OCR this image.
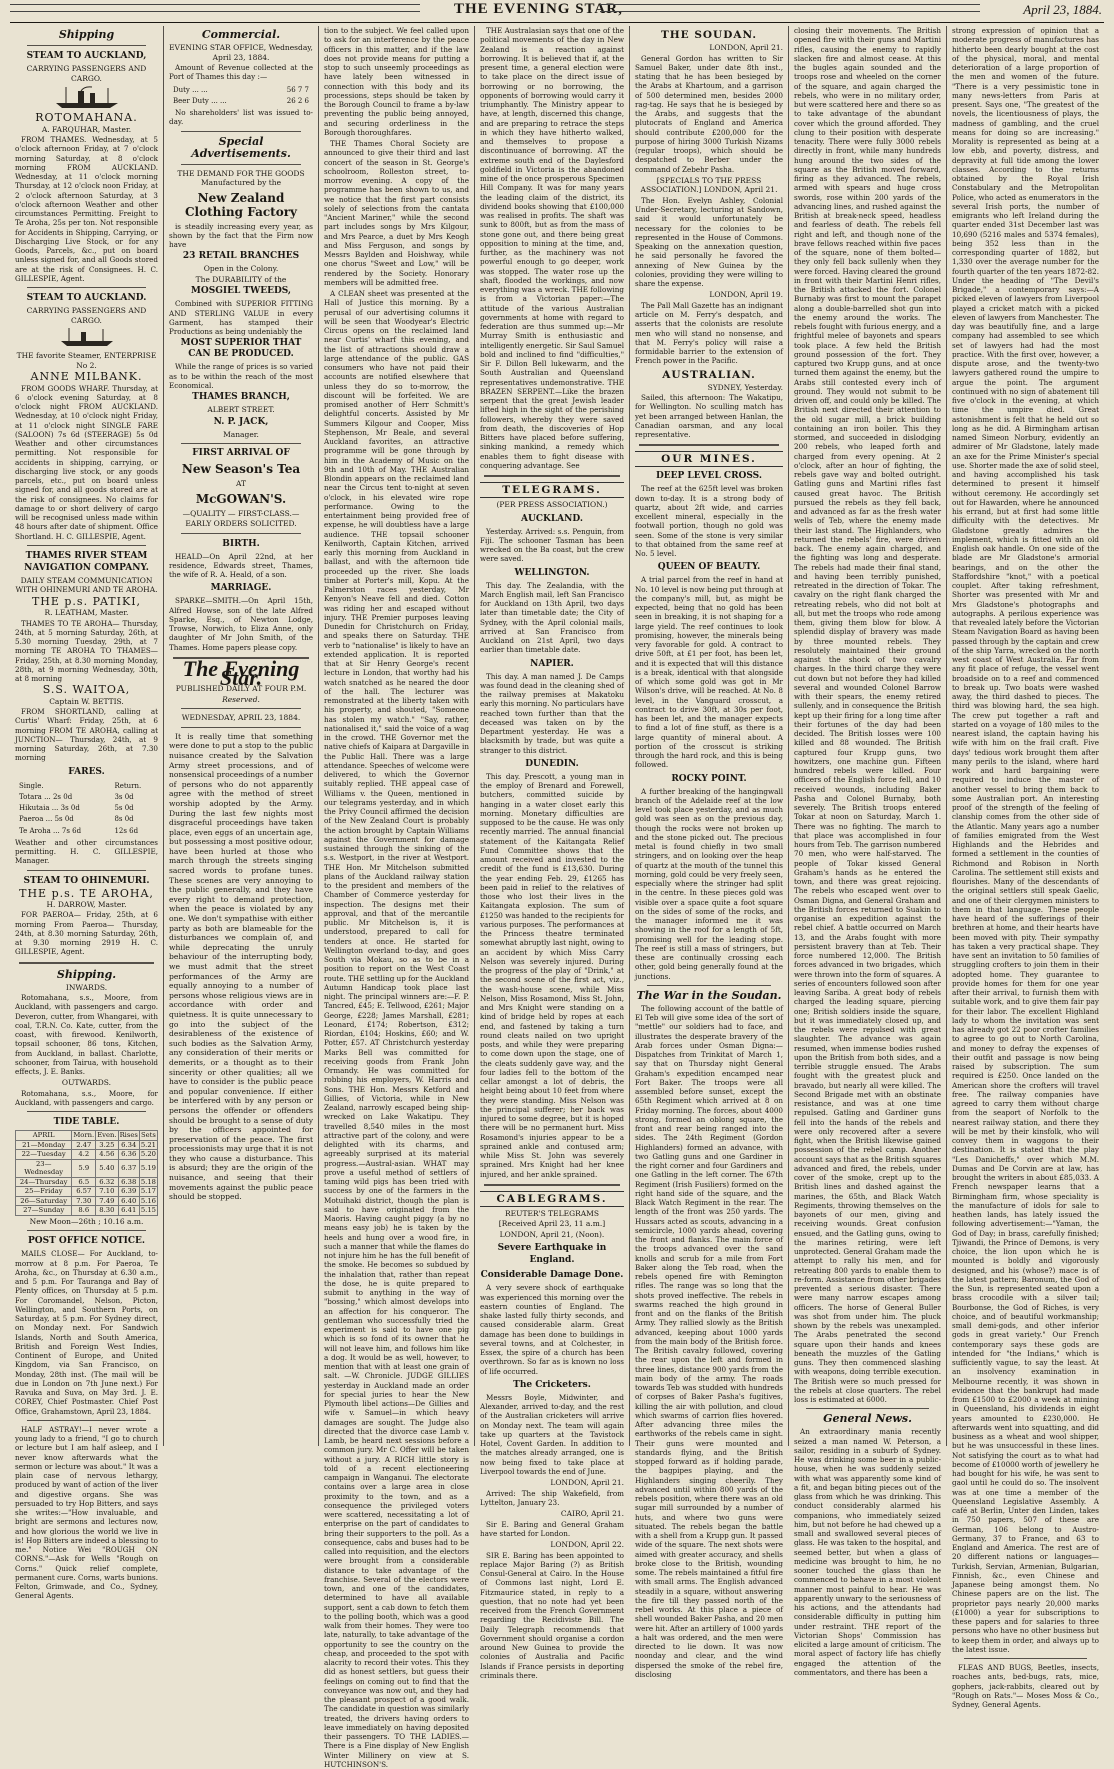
THE EVENING STAR,	April 23, 1884.
Shipping
STEAM TO AUCKLAND,
CARRYING PASSENGERS AND CARGO.
ROTOMAHANA.
A. FARQUHAR, Master.

FROM THAMES. Wednesday, at 5 o'clock afternoon Friday, at 7 o'clock morning Saturday, at 8 o'clock morning FROM AUCKLAND. Wednesday, at 11 o'clock morning Thursday, at 12 o'clock noon Friday, at 2 o'clock afternoon Saturday, at 3 o'clock afternoon Weather and other circumstances Permitting. Freight to Te Aroha, 25s per ton. Not responsible for Accidents in Shipping, Carrying, or Discharging Live Stock, or for any Goods, Parcels, &c., put on board unless signed for, and all Goods stored are at the risk of Consignees. H. C. GILLESPIE, Agent.

STEAM TO AUCKLAND.
CARRYING PASSENGERS AND CARGO.
THE favorite Steamer, ENTERPRISE No 2.
ANNE MILBANK.

FROM GOODS WHARF. Thursday, at 6 o'clock evening Saturday, at 8 o'clock night FROM AUCKLAND. Wednesday, at 10 o'clock night Friday, at 11 o'clock night SINGLE FARE (SALOON) 7s 6d (STEERAGE) 5s 0d Weather and other circumstances permitting. Not responsible for accidents in shipping, carrying, or discharging live stock, or any goods parcels, etc., put on board unless signed for, and all goods stored are at the risk of consignees. No claims for damage to or short delivery of cargo will be recognised unless made within 48 hours after date of shipment. Office Shortland. H. C. GILLESPIE, Agent.

THAMES RIVER STEAM NAVIGATION COMPANY.
DAILY STEAM COMMUNICATION WITH OHINEMURI AND TE AROHA.
THE p.s. PATIKI,
R. LEATHAM, Master.

THAMES TO TE AROHA— Thursday, 24th, at 5 morning Saturday, 26th, at 5.30 morning Tuesday, 29th, at 7 morning TE AROHA TO THAMES— Friday, 25th, at 8.30 morning Monday, 28th, at 9 morning Wednesday, 30th, at 8 morning

S.S. WAITOA,
Captain W. BETTIS.

FROM SHORTLAND, calling at Curtis' Wharf: Friday, 25th, at 6 morning FROM TE AROHA, calling at JUNCTION— Thursday, 24th, at 9 morning Saturday, 26th, at 7.30 morning

FARES.
Single.	Return.
Totara ... 2s 0d	3s 0d
Hikutaia ... 3s 0d	5s 0d
Paeroa ... 5s 0d	8s 0d
Te Aroha ... 7s 6d	12s 6d

Weather and other circumstances permitting. H. C. GILLESPIE, Manager.

STEAM TO OHINEMURI.
THE p.s. TE AROHA,
H. DARROW, Master.

FOR PAEROA— Friday, 25th, at 6 morning From Paeroa— Thursday, 24th, at 8.30 morning Saturday, 26th, at 9.30 morning 2919 H. C. GILLESPIE, Agent.

Shipping.
INWARDS.

Rotomahana, s.s., Moore, from Auckland, with passengers and cargo. Deveron, cutter, from Whangarei, with coal, T.R.N. Co. Kate, cutter, from the coast, with firewood. Kenilworth, topsail schooner, 86 tons, Kitchen, from Auckland, in ballast. Charlotte, schooner, from Tairua, with household effects, J. E. Banks.

OUTWARDS.

Rotomahana, s.s., Moore, for Auckland, with passengers and cargo.

TIDE TABLE.
APRIL	Morn.	Even.	Rises	Sets
21—Monday	2.47	3.25	6.34	5.21
22—Tuesday	4.2	4.56	6.36	5.20
23—Wednesday	5.9	5.40	6.37	5.19
24—Thursday	6.5	6.32	6.38	5.18
25—Friday	6.57	7.10	6.39	5.17
26—Saturday	7.30	7.49	6.40	5.16
27—Sunday	8.6	8.30	6.41	5.15
New Moon—26th ; 10.16 a.m.
POST OFFICE NOTICE.

MAILS CLOSE— For Auckland, to-morrow at 8 p.m. For Paeroa, Te Aroha, &c., on Thursday at 6.30 a.m., and 5 p.m. For Tauranga and Bay of Plenty offices, on Thursday at 5 p.m. For Coromandel, Nelson, Picton, Wellington, and Southern Ports, on Saturday, at 5 p.m. For Sydney direct, on Monday next. For Sandwich Islands, North and South America, British and Foreign West Indies, Continent of Europe, and United Kingdom, via San Francisco, on Monday, 28th inst. (The mail will be due in London on 7th June next.) For Ravuka and Suva, on May 3rd. J. E. COREY, Chief Postmaster. Chief Post Office, Grahamstown, April 23, 1884.

HALF ASTRAY!—I never wrote a young lady to a friend, "I go to church or lecture but I am half asleep, and I never know afterwards what the sermon or lecture was about." It was a plain case of nervous lethargy, produced by want of action of the liver and digestive organs. She was persuaded to try Hop Bitters, and says she writes:—"How invaluable, and bright are sermons and lectures now, and how glorious the world we live in is! Hop Bitters are indeed a blessing to me." Notice Wei "ROUGH ON CORNS."—Ask for Wells "Rough on Corns." Quick relief complete, permanent cure. Corns, warts bunions. Felton, Grimwade, and Co., Sydney, General Agents.

Commercial.
EVENING STAR OFFICE, Wednesday, April 23, 1884.

Amount of Revenue collected at the Port of Thames this day :—

Duty ... ...	56 7 7
Beer Duty ... ...	26 2 6

No shareholders' list was issued to-day.

Special Advertisements.
THE DEMAND FOR THE GOODS Manufactured by the
New Zealand Clothing Factory

is steadily increasing every year, as shown by the fact that the Firm now have

23 RETAIL BRANCHES
Open in the Colony.
The DURABILITY of the
MOSGIEL TWEEDS,

Combined with SUPERIOR FITTING AND STERLING VALUE in every Garment, has stamped their Productions as being undeniably the

MOST SUPERIOR THAT CAN BE PRODUCED.

While the range of prices is so varied as to be within the reach of the most Economical.

THAMES BRANCH,
ALBERT STREET.
N. P. JACK,
Manager.
FIRST ARRIVAL OF
New Season's Tea
AT
McGOWAN'S.
—QUALITY — FIRST-CLASS.—
EARLY ORDERS SOLICITED.
BIRTH.

HEALD—On April 22nd, at her residence, Edwards street, Thames, the wife of R. A. Heald, of a son.

MARRIAGE.

SPARKE—SMITH.—On April 15th, Alfred Howse, son of the late Alfred Sparke, Esq., of Newton Lodge, Trowse, Norwich, to Eliza Anne, only daughter of Mr John Smith, of the Thames. Home papers please copy.

The Evening Star.
PUBLISHED DAILY AT FOUR P.M.
Reserved.
WEDNESDAY, APRIL 23, 1884.

It is really time that something were done to put a stop to the public nuisance created by the Salvation Army street processions, and of nonsensical proceedings of a number of persons who do not apparently agree with the method of street worship adopted by the Army. During the last few nights most disgraceful proceedings have taken place, even eggs of an uncertain age, but possessing a most positive odour, have been hurled at those who march through the streets singing sacred words to profane tunes. These scenes are very annoying to the public generally, and they have every right to demand protection, when the peace is violated by any one. We don't sympathise with either party as both are blameable for the disturbances we complain of, and while deprecating the unruly behaviour of the interrupting body, we must admit that the street performances of the Army are equally annoying to a number of persons whose religious views are in accordance with order and quietness. It is quite unnecessary to go into the subject of the desirableness of the existence of such bodies as the Salvation Army, any consideration of their merits or demerits, or a thought as to their sincerity or other qualities; all we have to consider is the public peace and popular convenience. If either be interfered with by any person or persons the offender or offenders should be brought to a sense of duty by the officers appointed for preservation of the peace. The first processionists may urge that it is not they who cause a disturbance. This is absurd; they are the origin of the nuisance, and seeing that their movements against the public peace should be stopped.

tion to the subject. We feel called upon to ask for an interference by the peace officers in this matter, and if the law does not provide means for putting a stop to such unseemly proceedings as have lately been witnessed in connection with this body and its processions, steps should be taken by the Borough Council to frame a by-law preventing the public being annoyed, and securing orderliness in the Borough thoroughfares.

THE Thames Choral Society are announced to give their third and last concert of the season in St. George's schoolroom, Rolleston street, to-morrow evening. A copy of the programme has been shown to us, and we notice that the first part consists solely of selections from the cantata "Ancient Mariner," while the second part includes songs by Mrs Kilgour, and Mrs Pearce, a duet by Mrs Keogh and Miss Ferguson, and songs by Messrs Baylden and Hoishway, while one chorus "Sweet and Low," will be rendered by the Society. Honorary members will be admitted free.

A CLEAN sheet was presented at the Hall of Justice this morning. By a perusal of our advertising columns it will be seen that Woodyear's Electric Circus opens on the reclaimed land near Curtis' wharf this evening, and the list of attractions should draw a large attendance of the public. GAS consumers who have not paid their accounts are notified elsewhere that unless they do so to-morrow, the discount will be forfeited. We are promised another of Herr Schmitt's delightful concerts. Assisted by Mr Summers Kilgour and Cooper, Miss Stephenson, Mr Beale, and several Auckland favorites, an attractive programme will be gone through by him in the Academy of Music on the 9th and 10th of May. THE Australian Blondin appears on the reclaimed land near the Circus tent to-night at seven o'clock, in his elevated wire rope performance. Owing to the entertainment being provided free of expense, he will doubtless have a large audience. THE topsail schooner Kenilworth, Captain Kitchen, arrived early this morning from Auckland in ballast, and with the afternoon tide proceeded up the river. She loads timber at Porter's mill, Kopu. At the Palmerston races yesterday, Mr Kenyon's Neave fell and died. Cotton was riding her and escaped without injury. THE Premier purposes leaving Dunedin for Christchurch on Friday, and speaks there on Saturday. THE verb to "nationalise" is likely to have an extended application. It is reported that at Sir Henry George's recent lecture in London, that worthy had his watch snatched as he neared the door of the hall. The lecturer was remonstrated at the liberty taken with his property, and shouted, "Someone has stolen my watch." "Say, rather, nationalised it," said the voice of a wag in the crowd. THE Governor met the native chiefs of Kaipara at Dargaville in the Public Hall. There was a large attendance. Speeches of welcome were delivered, to which the Governor suitably replied. THE appeal case of Williams v. the Queen, mentioned in our telegrams yesterday, and in which the Privy Council affirmed the decision of the New Zealand Court is probably the action brought by Captain Williams against the Government for damage sustained through the sinking of the s.s. Westport, in the river at Westport. THE Hon. Mr Mitchelson submitted plans of the Auckland railway station to the president and members of the Chamber of Commerce yesterday for inspection. The designs met their approval, and that of the mercantile public. Mr Mitchelson is, it is understood, prepared to call for tenders at once. He started for Wellington overland to-day, and goes South via Mokau, so as to be in a position to report on the West Coast route. THE settling up for the Auckland Autumn Handicap took place last night. The principal winners are:—F. P. Tancred, £45; E. Tellwood, £261; Major George, £228; James Marshall, £281; Leonard, £174; Robertson, £312; Riordan, £104; Hoskins, £60; and W. Potter, £57. AT Christchurch yesterday Marks Bell was committed for receiving goods from Frank John Ormandy. He was committed for robbing his employers, W. Harris and Sons. THE Hon. Messrs Ketford and Gillies, of Victoria, while in New Zealand, narrowly escaped being ship-wrecked on Lake Wakatipu. They travelled 8,540 miles in the most attractive part of the colony, and were delighted with its charms, and agreeably surprised at its material progress.—Austral-asian. WHAT may prove a useful method of settlers of taming wild pigs has been tried with success by one of the farmers in the Motuihaki district, though the plan is said to have originated from the Maoris. Having caught piggy (a by no means easy job) he is taken by the heels and hung over a wood fire, in such a manner that while the flames do not injure him he has the full benefit of the smoke. He becomes so subdued by the inhalation that, rather than repeat the dose, he is quite prepared to submit to anything in the way of "bossing," which almost develops into an affection for his conqueror. The gentleman who successfully tried the experiment is said to have one pig which is so fond of its owner that he will not leave him, and follows him like a dog. It would be as well, however, to mention that with at least one grain of salt. —W. Chronicle. JUDGE GILLIES yesterday in Auckland made an order for special juries to hear the New Plymouth libel actions—De Gillies and wife v. Samuel—in which heavy damages are sought. The Judge also directed that the divorce case Lamb v. Lamb, be heard next sessions before a common jury. Mr C. Offer will be taken without a jury. A RICH little story is told of a recent electioneering campaign in Wanganui. The electorate contains over a large area in close proximity to the town, and as a consequence the privileged voters were scattered, necessitating a lot of enterprise on the part of candidates to bring their supporters to the poll. As a consequence, cabs and buses had to be called into requisition, and the electors were brought from a considerable distance to take advantage of the franchise. Several of the electors were town, and one of the candidates, determined to have all available support, sent a cab down to fetch them to the polling booth, which was a good walk from their homes. They were too late, naturally, to take advantage of the opportunity to see the country on the cheap, and proceeded to the spot with alacrity to record their votes. This they did as honest settlers, but guess their feelings on coming out to find that the conveyance was now out, and they had the pleasant prospect of a good walk. The candidate in question was similarly treated, the drivers having orders to leave immediately on having deposited their passengers. TO THE LADIES.—There is a Fine display of New English Winter Millinery on view at S. HUTCHINSON'S.

THE Australasian says that one of the political movements of the day in New Zealand is a reaction against borrowing. It is believed that if, at the present time, a general election were to take place on the direct issue of borrowing or no borrowing, the opponents of borrowing would carry it triumphantly. The Ministry appear to have, at length, discerned this change, and are preparing to retrace the steps in which they have hitherto walked, and themselves to propose a discontinuance of borrowing. AT the extreme south end of the Daylesford goldfield in Victoria is the abandoned mine of the once prosperous Specimen Hill Company. It was for many years the leading claim of the district, its dividend books showing that £100,000 was realised in profits. The shaft was sunk to 800ft, but as from the mass of stone gone out, and there being great opposition to mining at the time, and, further, as the machinery was not powerful enough to go deeper, work was stopped. The water rose up the shaft, flooded the workings, and now everything was a wreck. THE following is from a Victorian paper:—The attitude of the various Australian governments at home with regard to federation are thus summed up:—Mr Murray Smith is enthusiastic and intelligently energetic. Sir Saul Samuel bold and inclined to find "difficulties," Sir F. Dillon Bell lukewarm, and the South Australian and Queensland representatives undemonstrative. THE BRAZEN SERPENT.—Like the brazen serpent that the great Jewish leader lifted high in the sight of the perishing followers, whereby they were saved from death, the discoveries of Hop Bitters have placed before suffering, sinking mankind, a remedy which enables them to fight disease with conquering advantage. See

TELEGRAMS.
(PER PRESS ASSOCIATION.)
AUCKLAND.

Yesterday. Arrived: s.s. Penguin, from Fiji. The schooner Tasman has been wrecked on the Ba coast, but the crew were saved.

WELLINGTON.

This day. The Zealandia, with the March English mail, left San Francisco for Auckland on 13th April, two days later than timetable date; the City of Sydney, with the April colonial mails, arrived at San Francisco from Auckland on 21st April, two days earlier than timetable date.

NAPIER.

This day. A man named J. De Camps was found dead in the cleaning shed of the railway premises at Makatoku early this morning. No particulars have reached town further than that the deceased was taken on by the Department yesterday. He was a blacksmith by trade, but was quite a stranger to this district.

DUNEDIN.

This day. Prescott, a young man in the employ of Brenard and Forewell, butchers, committed suicide by hanging in a water closet early this morning. Monetary difficulties are supposed to be the cause. He was only recently married. The annual financial statement of the Kaitangata Relief Fund Committee shows that the amount received and invested to the credit of the fund is £13,630. During the year ending Feb. 29, £1265 has been paid in relief to the relatives of those who lost their lives in the Kaitangata explosion. The sum of £1250 was handed to the recipients for various purposes. The performances at the Princess theatre terminated somewhat abruptly last night, owing to an accident by which Miss Carry Nelson was severely injured. During the progress of the play of "Drink," at the second scene of the first act, viz., the wash-house scene, while Miss Nelson, Miss Rosamond, Miss St. John, and Mrs Knight were standing on a kind of bridge held by ropes at each end, and fastened by taking a turn round cleats nailed on two upright posts, and while they were preparing to come down upon the stage, one of the cleats suddenly gave way, and the four ladies fell to the bottom of the cellar amongst a lot of debris, the height being about 10 feet from where they were standing. Miss Nelson was the principal sufferer; her back was injured to some degree, but it is hoped there will be no permanent hurt. Miss Rosamond's injuries appear to be a sprained ankle and contused arm; while Miss St. John was severely sprained. Mrs Knight had her knee injured, and her ankle sprained.

CABLEGRAMS.
REUTER'S TELEGRAMS
[Received April 23, 11 a.m.]
LONDON, April 21, (Noon).
Severe Earthquake in England.
Considerable Damage Done.

A very severe shock of earthquake was experienced this morning over the eastern counties of England. The shake lasted fully thirty seconds, and caused considerable alarm. Great damage has been done to buildings in several towns, and at Colchester, in Essex, the spire of a church has been overthrown. So far as is known no loss of life occurred.

The Cricketers.

Messrs Boyle, Midwinter, and Alexander, arrived to-day, and the rest of the Australian cricketers will arrive on Monday next. The team will again take up quarters at the Tavistock Hotel, Covent Garden. In addition to the matches already arranged, one is now being fixed to take place at Liverpool towards the end of June.

LONDON, April 21.

Arrived: The ship Wakefield, from Lyttelton, January 23.

CAIRO, April 21.

Sir E. Baring and General Graham have started for London.

LONDON, April 22.

SIR E. Baring has been appointed to replace Major Baring (?) as British Consul-General at Cairo. In the House of Commons last night, Lord E. Fitzmaurice stated, in reply to a question, that no note had yet been received from the French Government regarding the Recidiviste Bill. The Daily Telegraph recommends that Government should organise a cordon around New Guinea to provide the colonies of Australia and Pacific Islands if France persists in deporting criminals there.

THE SOUDAN.
LONDON, April 21.

General Gordon has written to Sir Samuel Baker, under date 8th inst., stating that he has been besieged by the Arabs at Khartoum, and a garrison of 500 determined men, besides 2000 rag-tag. He says that he is besieged by the Arabs, and suggests that the plutocrats of England and America should contribute £200,000 for the purpose of hiring 3000 Turkish Nizams (regular troops), which should be despatched to Berber under the command of Zebehr Pasha.

[SPECIALS TO THE PRESS ASSOCIATION.] LONDON, April 21.

The Hon. Evelyn Ashley, Colonial Under-Secretary, lecturing at Sandown, said it would unfortunately be necessary for the colonies to be represented in the House of Commons. Speaking on the annexation question, he said personally he favored the annexing of New Guinea by the colonies, providing they were willing to share the expense.

LONDON, April 19.

The Pall Mall Gazette has an indignant article on M. Ferry's despatch, and asserts that the colonists are resolute men who will stand no nonsense, and that M. Ferry's policy will raise a formidable barrier to the extension of French power in the Pacific.

AUSTRALIAN.
SYDNEY, Yesterday.

Sailed, this afternoon: The Wakatipu, for Wellington. No sculling match has yet been arranged between Hanlan, the Canadian oarsman, and any local representative.

OUR MINES.
DEEP LEVEL CROSS.

The reef at the 625ft level was broken down to-day. It is a strong body of quartz, about 2ft wide, and carries excellent mineral, especially in the footwall portion, though no gold was seen. Some of the stone is very similar to that obtained from the same reef at No. 5 level.

QUEEN OF BEAUTY.

A trial parcel from the reef in hand at No. 10 level is now being put through at the company's mill, but, as might be expected, being that no gold has been seen in breaking, it is not shaping for a large yield. The reef continues to look promising, however, the minerals being very favorable for gold. A contract to drive 50ft, at £1 per foot, has been let, and it is expected that will this distance is a break, identical with that alongside of which some gold was got in Mr Wilson's drive, will be reached. At No. 8 level, in the Vanguard crosscut, a contract to drive 30ft, at 30s per foot, has been let, and the manager expects to find a lot of fine stuff, as there is a large quantity of mineral about. A portion of the crosscut is striking through the hard rock, and this is being followed.

ROCKY POINT.

A further breaking of the hangingwall branch of the Adelaide reef at the low level took place yesterday, and as much gold was seen as on the previous day, though the rocks were not broken up and the stone picked out. The precious metal is found chiefly in two small stringers, and on looking over the heap of quartz at the mouth of the tunnel this morning, gold could be very freely seen, especially where the stringer had split in the centre. In these pieces gold was visible over a space quite a foot square on the sides of some of the rocks, and the manager informed me it was showing in the roof for a length of 5ft, promising well for the leading stope. The reef is still a mass of stringers, but these are continually crossing each other, gold being generally found at the junctions.

The War in the Soudan.

The following account of the battle of El Teb will give some idea of the sort of "mettle" our soldiers had to face, and illustrates the desperate bravery of the Arab forces under Osman Digna:— Dispatches from Trinkitat of March 1, say that on Thursday night General Graham's expedition encamped near Fort Baker. The troops were all assembled before sunset, except the 65th Regiment which arrived at 8 on Friday morning. The forces, about 4000 strong, formed an oblong square, the front and rear being ranged into the sides. The 24th Regiment (Gordon Highlanders) formed an advance, with two Gatling guns and one Gardiner in the right corner and four Gardiners and one Gatling in the left corner. The 67th Regiment (Irish Fusiliers) formed on the right hand side of the square, and the Black Watch Regiment in the rear. The length of the front was 250 yards. The Hussars acted as scouts, advancing in a semicircle, 1000 yards ahead, covering the front and flanks. The main force of the troops advanced over the sand knolls and scrub for a mile from Fort Baker along the Teb road, when the rebels opened fire with Remington rifles. The range was so long that the shots proved ineffective. The rebels in swarms reached the high ground in front and on the flanks of the British Army. They rallied slowly as the British advanced, keeping about 1000 yards from the main body of the British force. The British cavalry followed, covering the rear upon the left and formed in three lines, distance 900 yards from the main body of the army. The roads towards Teb was studded with hundreds of corpses of Baker Pasha's fugitives, killing the air with pollution, and cloud which swarms of carrion flies hovered. After advancing three miles the earthworks of the rebels came in sight. Their guns were mounted and standards flying, and the British stopped forward as if holding parade, the bagpipes playing, and the Highlanders singing cheerily. They advanced until within 800 yards of the rebels position, where there was an old sugar mill surrounded by a number of huts, and where two guns were situated. The rebels began the battle with a shell from a Krupp gun. It passed wide of the square. The next shots were aimed with greater accuracy, and shells broke close to the British, wounding some. The rebels maintained a fitful fire with small arms. The English advanced steadily in a square, without answering the fire till they passed north of the rebel works. At this place a piece of shell wounded Baker Pasha, and 20 men were hit. After an artillery of 1000 yards a halt was ordered, and the men were directed to lie down. It was now noonday and clear, and the wind dispersed the smoke of the rebel fire, disclosing

closing their movements. The British opened fire with their guns and Martini rifles, causing the enemy to rapidly slacken fire and almost cease. At this the bugles again sounded and the troops rose and wheeled on the corner of the square, and again charged the rebels, who were in no military order, but were scattered here and there so as to take advantage of the abundant cover which the ground afforded. They clung to their position with desperate tenacity. There were fully 3000 rebels directly in front, while many hundreds hung around the two sides of the square as the British moved forward, firing as they advanced. The rebels, armed with spears and huge cross swords, rose within 200 yards of the advancing lines, and rushed against the British at break-neck speed, headless and fearless of death. The rebels fell right and left, and though none of the brave fellows reached within five paces of the square, none of them bolted—they only fell back sullenly when they were forced. Having cleared the ground in front with their Martini Henri rifles, the British attacked the fort. Colonel Burnaby was first to mount the parapet along a double-barrelled shot gun into the enemy around the works. The rebels fought with furious energy, and a frightful melee of bayonets and spears took place. A few held the British ground possession of the fort. They captured two Krupp guns, and at once turned them against the enemy, but the Arabs still contested every inch of ground. They would not submit to be driven off, and could only be killed. The British next directed their attention to the old sugar mill, a brick building containing an iron boiler. This they stormed, and succeeded in dislodging 200 rebels, who leaped forth and charged from every opening. At 2 o'clock, after an hour of fighting, the rebels gave way and bolted outright. Gatling guns and Martini rifles fast caused great havoc. The British pursued the rebels as they fell back, and advanced as far as the fresh water wells of Teb, where the enemy made their last stand. The Highlanders, who returned the rebels' fire, were driven back. The enemy again charged, and the fighting was long and desperate. The rebels had made their final stand, and having been terribly punished, retreated in the direction of Tokar. The cavalry on the right flank charged the retreating rebels, who did not bolt at all, but met the troops who rode among them, giving them blow for blow. A splendid display of bravery was made by three mounted rebels. They resolutely maintained their ground against the shock of two cavalry charges. In the third charge they were cut down but not before they had killed several and wounded Colonel Barrow with their spears, the enemy retired sullenly, and in consequence the British kept up their firing for a long time after their fortunes of the day had been decided. The British losses were 100 killed and 88 wounded. The British captured four Krupp guns, two howitzers, one machine gun. Fifteen hundred rebels were killed. Four officers of the English force fell, and 10 received wounds, including Baker Pasha and Colonel Burnaby, both severely. The British troops entered Tokar at noon on Saturday, March 1. There was no fighting. The march to that place was accomplished in four hours from Teb. The garrison numbered 70 men, who were half-starved. The people of Tokar kissed General Graham's hands as he entered the town, and there was great rejoicing. The rebels who escaped went over to Osman Digna, and General Graham and the British forces returned to Suakin to organise an expedition against the rebel chief. A battle occurred on March 13, and the Arabs fought with more persistent bravery than at Teb. Their force numbered 12,000. The British forces advanced in two brigades, which were thrown into the form of squares. A series of encounters followed soon after leaving Sariba. A great body of rebels charged the leading square, piercing one; British soldiers inside the square, but it was immediately closed up, and the rebels were repulsed with great slaughter. The advance was again resumed, when immense bodies rushed upon the British from both sides, and a terrible struggle ensued. The Arabs fought with the greatest pluck and bravado, but nearly all were killed. The Second Brigade met with an obstinate resistance, and was at one time repulsed. Gatling and Gardiner guns fell into the hands of the rebels and were only recovered after a severe fight, when the British likewise gained possession of the rebel camp. Another account says that as the British squares advanced and fired, the rebels, under cover of the smoke, crept up to the British lines and dashed against the marines, the 65th, and Black Watch Regiments, throwing themselves on the bayonets of our men, giving and receiving wounds. Great confusion ensued, and the Gatling guns, owing to the marines retiring, were left unprotected. General Graham made the attempt to rally his men, and for retreating 800 yards to enable them to re-form. Assistance from other brigades prevented a serious disaster. There were many narrow escapes among officers. The horse of General Buller was shot from under him. The pluck shown by the rebels was unexampled. The Arabs penetrated the second square upon their hands and knees beneath the muzzles of the Gatling guns. They then commenced slashing with weapons, doing terrible execution. The British were so much pressed for the rebels at close quarters. The rebel loss is estimated at 6000.

General News.

An extraordinary mania recently seized a man named W. Peterson, a sailor, residing in a suburb of Sydney. He was drinking some beer in a public-house, when he was suddenly seized with what was apparently some kind of a fit, and began biting pieces out of the glass from which he was drinking. This conduct considerably alarmed his companions, who immediately seized him, but not before he had chewed up a small and swallowed several pieces of glass. He was taken to the hospital, and seemed better, but when a glass of medicine was brought to him, he no sooner touched the glass than he commenced to behave in a most violent manner most painful to hear. He was apparently unwary to the seriousness of his actions, and the attendants had considerable difficulty in putting him under restraint. THE report of the Victorian Shops' Commission has elicited a large amount of criticism. The moral aspect of factory life has chiefly engaged the attention of the commentators, and there has been a

strong expression of opinion that a moderate progress of manufactures has hitherto been dearly bought at the cost of the physical, moral, and mental deterioration of a large proportion of the men and women of the future. "There is a very pessimistic tone in many news-letters from Paris at present. Says one, "The greatest of the novels, the licentiousness of plays, the madness of gambling, and the cruel means for doing so are increasing." Morality is represented as being at a low ebb, and poverty, distress, and depravity at full tide among the lower classes. According to the returns obtained by the Royal Irish Constabulary and the Metropolitan Police, who acted as enumerators in the several Irish ports, the number of emigrants who left Ireland during the quarter ended 31st December last was 10,690 (5216 males and 5374 females), being 352 less than in the corresponding quarter of 1882, but 1,330 over the average number for the fourth quarter of the ten years 1872-82. Under the heading of "The Devil's Brigade," a contemporary says:—A picked eleven of lawyers from Liverpool played a cricket match with a picked eleven of lawyers from Manchester. The day was beautifully fine, and a large company had assembled to see which set of lawyers had had the most practice. With the first over, however, a dispute arose, and the twenty-two lawyers gathered round the umpire to argue the point. The argument continued with no sign of abatement till five o'clock in the evening, at which time the umpire died. Great astonishment is felt that he held out so long as he did. A Birmingham artisan named Simeon Norbury, evidently an admirer of Mr Gladstone, lately made an axe for the Prime Minister's special use. Shorter made the axe of solid steel, and having accomplished his task determined to present it himself without ceremony. He accordingly set out for Hawarden, where he announced his errand, but at first had some little difficulty with the detectives. Mr Gladstone greatly admires the implement, which is fitted with an old English oak handle. On one side of the blade are Mr Gladstone's armorial bearings, and on the other the Staffordshire "knot," with a poetical couplet. After taking refreshment, Shorter was presented with Mr and Mrs Gladstone's photographs and autographs. A perilous experience was that revealed lately before the Victorian Steam Navigation Board as having been passed through by the captain and crew of the ship Yarra, wrecked on the north west coast of West Australia. Far from any fit place of refuge, the vessel went broadside on to a reef and commenced to break up. Two boats were washed away, the third dashed to pieces. The third was blowing hard, the sea high. The crew put together a raft and started on a voyage of 180 miles to the nearest island, the captain having his wife with him on the frail craft. Five days' tedious work brought them after many perils to the island, where hard work and hard bargaining were required to induce the master of another vessel to bring them back to some Australian port. An interesting proof of the strength of the feeling of clanship comes from the other side of the Atlantic. Many years ago a number of families emigrated from the West Highlands and the Hebrides and formed a settlement in the counties of Richmond and Robison in North Carolina. The settlement still exists and flourishes. Many of the descendants of the original settlers still speak Gaelic, and one of their clergymen ministers to them in that language. These people have heard of the sufferings of their brethren at home, and their hearts have been moved with pity. Their sympathy has taken a very practical shape. They have sent an invitation to 50 families of struggling crofters to join them in their adopted home. They guarantee to provide homes for them for one year after their arrival, to furnish them with suitable work, and to give them fair pay for their labor. The excellent Highland lady to whom the invitation was sent has already got 22 poor crofter families to agree to go out to North Carolina, and money to defray the expenses of their outfit and passage is now being raised by subscription. The sum required is £250. Once landed on the American shore the crofters will travel free. The railway companies have agreed to carry them without charge from the seaport of Norfolk to the nearest railway station, and there they will be met by their kinsfolk, who will convey them in waggons to their destination. It is stated that the play "Les Danicheffs," over which M.M. Dumas and De Corvin are at law, has brought the writers in about £85,033. A French newspaper learns that a Birmingham firm, whose speciality is the manufacture of idols for sale to heathen lands, has lately issued the following advertisement:—"Yaman, the God of Day; in brass, carefully finished; Tjiwandi, the Prince of Demons, is very choice, the lion upon which he is mounted is boldly and vigorously designed, and his (whose?) mace is of the latest pattern; Baronum, the God of the Sun, is represented seated upon a brass crocodile with a silver tail; Bourbonse, the God of Riches, is very choice, and of beautiful workmanship; small demi-gods, and other inferior gods in great variety." Our French contemporary says these gods are intended for "the Indians," which is sufficiently vague, to say the least. At an insolvency examination in Melbourne recently, it was shown in evidence that the bankrupt had made from £1500 to £2000 a week at mining in Queensland, his dividends in eight years amounted to £230,000. He afterwards went into squatting, and did business as a wheat and wool shipper, but he was unsuccessful in these lines. Not satisfying the court as to what had become of £10000 worth of jewellery he had bought for his wife, he was sent to gaol until he could do so. The insolvent was at one time a member of the Queensland Legislative Assembly. A café at Berlin, Unter den Linden, takes in 750 papers, 507 of these are German, 106 belong to Austro-Germany, 37 to France, and 63 to England and America. The rest are of 20 different nations or languages—Turkish, Servian, Armenian, Bulgarian, Finnish, &c., even Chinese and Japanese being amongst them. No Chinese papers are on the list. The proprietor pays nearly 20,000 marks (£1000) a year for subscriptions to these papers and for salaries to three persons who have no other business but to keep them in order, and always up to the latest issue.

FLEAS AND BUGS, Beetles, insects, roaches ants, bed-bugs, rats, mice, gophers, jack-rabbits, cleared out by "Rough on Rats."— Moses Moss & Co., Sydney, General Agents.
